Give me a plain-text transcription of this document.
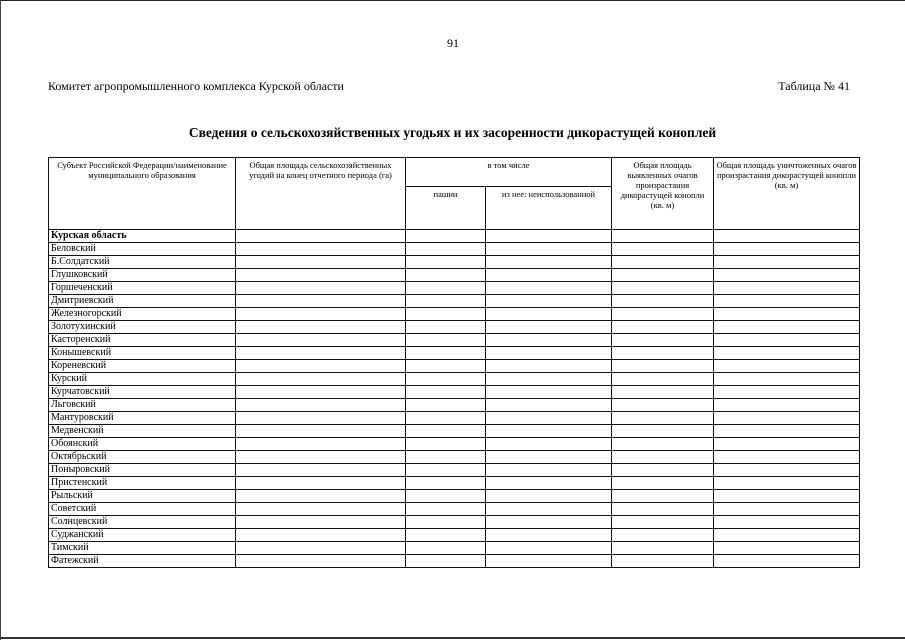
91
Комитет агропромышленного комплекса Курской области	Таблица № 41
Сведения о сельскохозяйственных угодьях и их засоренности дикорастущей коноплей
Субъект Российской Федерации/наименование муниципального образования	Общая площадь сельскохозяйственных угодий на конец отчетного периода (га)	в том числе		Общая площадь выявленных очагов произрастания дикорастущей конопли (кв. м)	Общая площадь уничтоженных очагов произрастания дикорастущей конопли (кв. м)
		пашни	из нее: неиспользованной		
Курская область					
Беловский					
Б.Солдатский					
Глушковский					
Горшеченский					
Дмитриевский					
Железногорский					
Золотухинский					
Касторенский					
Конышевский					
Кореневский					
Курский					
Курчатовский					
Льговский					
Мантуровский					
Медвенский					
Обоянский					
Октябрьский					
Поныровский					
Пристенский					
Рыльский					
Советский					
Солнцевский					
Суджанский					
Тимский					
Фатежский					
